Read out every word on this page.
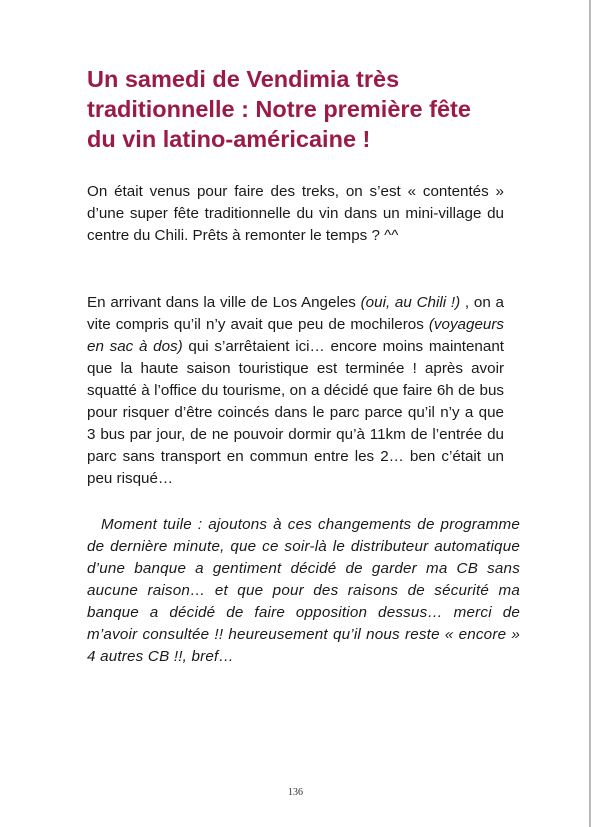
Un samedi de Vendimia très
traditionnelle : Notre première fête
du vin latino-américaine !

On était venus pour faire des treks, on s’est « contentés » d’une super fête traditionnelle du vin dans un mini-village du centre du Chili. Prêts à remonter le temps ? ^^

En arrivant dans la ville de Los Angeles (oui, au Chili !) , on a vite compris qu’il n’y avait que peu de mochileros (voyageurs en sac à dos) qui s’arrêtaient ici… encore moins maintenant que la haute saison touristique est terminée ! après avoir squatté à l’office du tourisme, on a décidé que faire 6h de bus pour risquer d’être coincés dans le parc parce qu’il n’y a que 3 bus par jour, de ne pouvoir dormir qu’à 11km de l’entrée du parc sans transport en commun entre les 2… ben c’était un peu risqué…

Moment tuile : ajoutons à ces changements de programme de dernière minute, que ce soir-là le distributeur automatique d’une banque a gentiment décidé de garder ma CB sans aucune raison… et que pour des raisons de sécurité ma banque a décidé de faire opposition dessus… merci de m’avoir consultée !! heureusement qu’il nous reste « encore » 4 autres CB !!, bref…

136
